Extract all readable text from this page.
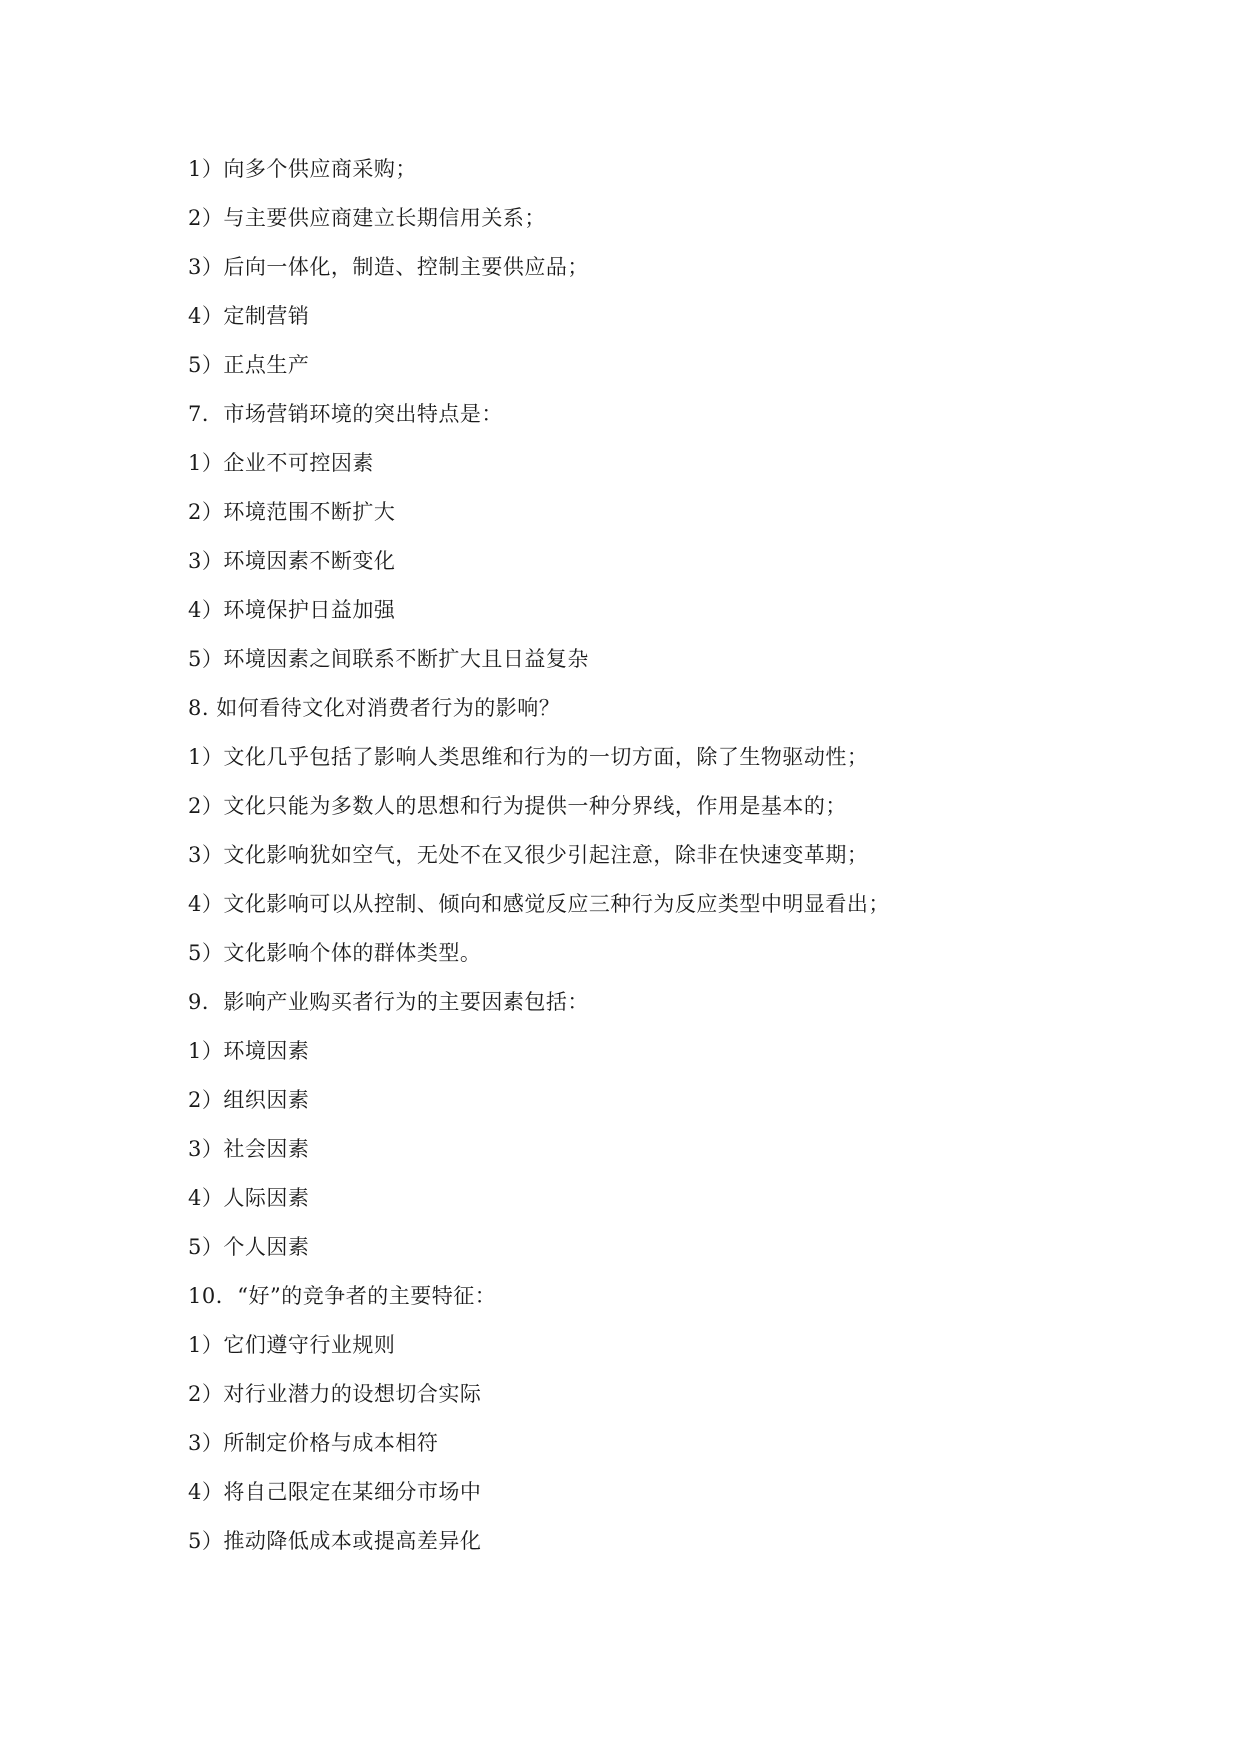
1）向多个供应商采购；
2）与主要供应商建立长期信用关系；
3）后向一体化，制造、控制主要供应品；
4）定制营销
5）正点生产
7．市场营销环境的突出特点是：
1）企业不可控因素
2）环境范围不断扩大
3）环境因素不断变化
4）环境保护日益加强
5）环境因素之间联系不断扩大且日益复杂
8. 如何看待文化对消费者行为的影响？
1）文化几乎包括了影响人类思维和行为的一切方面，除了生物驱动性；
2）文化只能为多数人的思想和行为提供一种分界线，作用是基本的；
3）文化影响犹如空气，无处不在又很少引起注意，除非在快速变革期；
4）文化影响可以从控制、倾向和感觉反应三种行为反应类型中明显看出；
5）文化影响个体的群体类型。
9．影响产业购买者行为的主要因素包括：
1）环境因素
2）组织因素
3）社会因素
4）人际因素
5）个人因素
10．“好”的竞争者的主要特征：
1）它们遵守行业规则
2）对行业潜力的设想切合实际
3）所制定价格与成本相符
4）将自己限定在某细分市场中
5）推动降低成本或提高差异化
